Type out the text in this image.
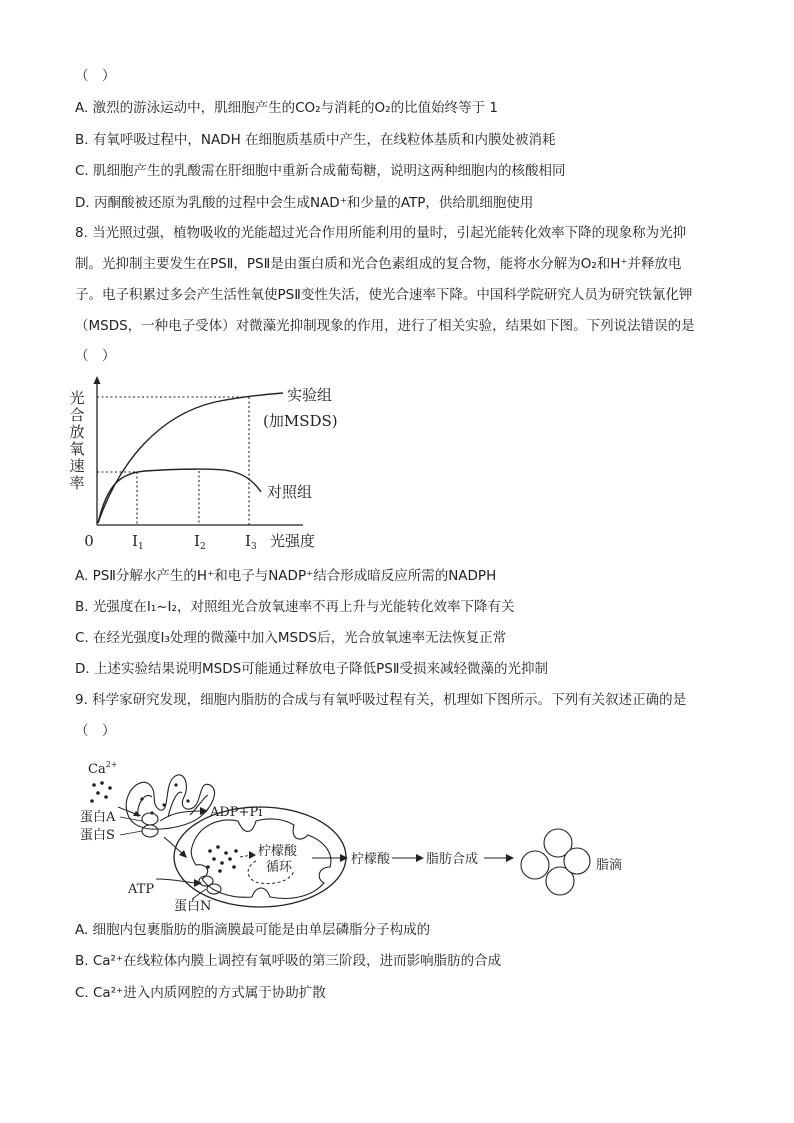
（　）
A. 激烈的游泳运动中，肌细胞产生的CO₂与消耗的O₂的比值始终等于 1
B. 有氧呼吸过程中，NADH 在细胞质基质中产生，在线粒体基质和内膜处被消耗
C. 肌细胞产生的乳酸需在肝细胞中重新合成葡萄糖，说明这两种细胞内的核酸相同
D. 丙酮酸被还原为乳酸的过程中会生成NAD⁺和少量的ATP，供给肌细胞使用
8. 当光照过强，植物吸收的光能超过光合作用所能利用的量时，引起光能转化效率下降的现象称为光抑
制。光抑制主要发生在PSⅡ，PSⅡ是由蛋白质和光合色素组成的复合物，能将水分解为O₂和H⁺并释放电
子。电子积累过多会产生活性氧使PSⅡ变性失活，使光合速率下降。中国科学院研究人员为研究铁氰化钾
（MSDS，一种电子受体）对微藻光抑制现象的作用，进行了相关实验，结果如下图。下列说法错误的是
（　）
光合放氧速率
实验组
(加MSDS)
对照组
0	$I_1$	$I_2$	$I_3$ 光强度
A. PSⅡ分解水产生的H⁺和电子与NADP⁺结合形成暗反应所需的NADPH
B. 光强度在I₁~I₂，对照组光合放氧速率不再上升与光能转化效率下降有关
C. 在经光强度I₃处理的微藻中加入MSDS后，光合放氧速率无法恢复正常
D. 上述实验结果说明MSDS可能通过释放电子降低PSⅡ受损来减轻微藻的光抑制
9. 科学家研究发现，细胞内脂肪的合成与有氧呼吸过程有关，机理如下图所示。下列有关叙述正确的是
（　）
$Ca^{2+}$
ADP+Pi
蛋白A
蛋白S
ATP
蛋白N
柠檬酸
循环
柠檬酸	脂肪合成	脂滴
A. 细胞内包裹脂肪的脂滴膜最可能是由单层磷脂分子构成的
B. Ca²⁺在线粒体内膜上调控有氧呼吸的第三阶段，进而影响脂肪的合成
C. Ca²⁺进入内质网腔的方式属于协助扩散
